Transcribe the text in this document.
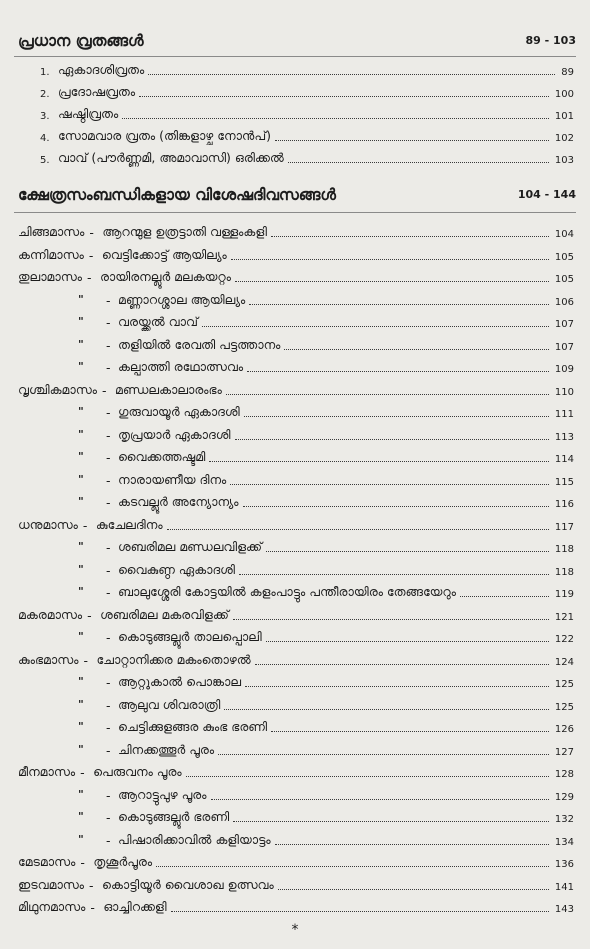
പ്രധാന വ്രതങ്ങൾ	89 - 103
1. ഏകാദശിവ്രതം	89
2. പ്രദോഷവ്രതം	100
3. ഷഷ്ഠിവ്രതം	101
4. സോമവാര വ്രതം (തിങ്കളാഴ്ച നോൻപ്)	102
5. വാവ് (പൗർണ്ണമി, അമാവാസി) ഒരിക്കൽ	103
ക്ഷേത്രസംബന്ധികളായ വിശേഷദിവസങ്ങൾ	104 - 144
ചിങ്ങമാസം - ആറന്മുള ഉത്രട്ടാതി വള്ളംകളി	104
കന്നിമാസം - വെട്ടിക്കോട്ട് ആയില്യം	105
തുലാമാസം - രായിരനല്ലൂർ മലകയറ്റം	105
" - മണ്ണാറശ്ശാല ആയില്യം	106
" - വരയ്ക്കൽ വാവ്	107
" - തളിയിൽ രേവതി പട്ടത്താനം	107
" - കല്പാത്തി രഥോത്സവം	109
വൃശ്ചികമാസം - മണ്ഡലകാലാരംഭം	110
" - ഗുരുവായൂർ ഏകാദശി	111
" - തൃപ്രയാർ ഏകാദശി	113
" - വൈക്കത്തഷ്ടമി	114
" - നാരായണീയ ദിനം	115
" - കടവല്ലൂർ അന്യോന്യം	116
ധനുമാസം - കുചേലദിനം	117
" - ശബരിമല മണ്ഡലവിളക്ക്	118
" - വൈകുണ്ഠ ഏകാദശി	118
" - ബാലുശ്ശേരി കോട്ടയിൽ കളംപാട്ടും പന്തീരായിരം തേങ്ങയേറും	119
മകരമാസം - ശബരിമല മകരവിളക്ക്	121
" - കൊടുങ്ങല്ലൂർ താലപ്പൊലി	122
കുംഭമാസം - ചോറ്റാനിക്കര മകംതൊഴൽ	124
" - ആറ്റുകാൽ പൊങ്കാല	125
" - ആലുവ ശിവരാത്രി	125
" - ചെട്ടിക്കുളങ്ങര കുംഭ ഭരണി	126
" - ചിനക്കത്തൂർ പൂരം	127
മീനമാസം - പെരുവനം പൂരം	128
" - ആറാട്ടുപുഴ പൂരം	129
" - കൊടുങ്ങല്ലൂർ ഭരണി	132
" - പിഷാരിക്കാവിൽ കളിയാട്ടം	134
മേടമാസം - തൃശൂർപൂരം	136
ഇടവമാസം - കൊട്ടിയൂർ വൈശാഖ ഉത്സവം	141
മിഥുനമാസം - ഓച്ചിറക്കളി	143
*
